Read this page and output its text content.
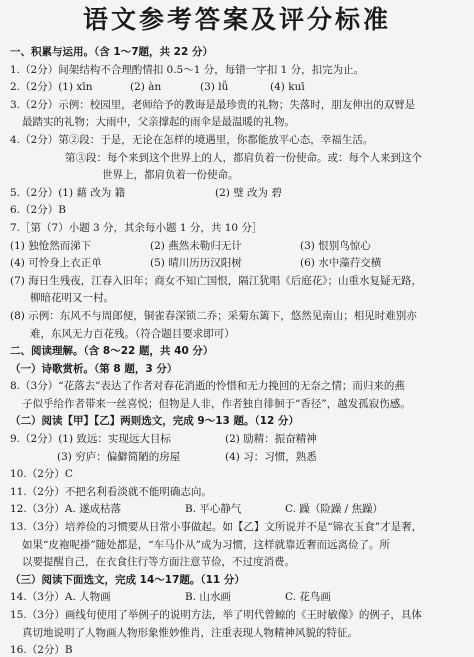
语文参考答案及评分标准
一、积累与运用。（含 1～7题，共 22 分）
1.（2分）间架结构不合理酌情扣 0.5～1 分，每错一字扣 1 分，扣完为止。
2.（2分）(1) xīn	(2) àn	(3) lǚ	(4) kuī
3.（2分）示例：校园里，老师给予的教诲是最珍贵的礼物；失落时，朋友伸出的双臂是
最踏实的礼物；大雨中，父亲撑起的雨伞是最温暖的礼物。
4.（2分）第②段：于是，无论在怎样的境遇里，你都能放平心态，幸福生活。
第③段：每个来到这个世界上的人，都肩负着一份使命。或：每个人来到这个
世界上，都肩负着一份使命。
5.（2分）(1) 藉 改为 籍	(2) 璧 改为 碧
6.（2分）B
7.［第（7）小题 3 分，其余每小题 1 分，共 10 分］
(1) 独怆然而涕下	(2) 燕然未勒归无计	(3) 恨别鸟惊心
(4) 可怜身上衣正单	(5) 晴川历历汉阳树	(6) 水中藻荇交横
(7) 海日生残夜，江春入旧年；商女不知亡国恨，隔江犹唱《后庭花》；山重水复疑无路，
柳暗花明又一村。
(8) 示例：东风不与周郎便，铜雀春深锁二乔；采菊东篱下，悠然见南山；相见时难别亦
难，东风无力百花残。（符合题目要求即可）
二、阅读理解。（含 8～22 题，共 40 分）
（一）诗歌赏析。（第 8 题，3 分）
8.（3分）“花落去”表达了作者对春花消逝的怜惜和无力挽回的无奈之情；而归来的燕
子似乎给作者带来一丝喜悦；但物是人非，作者独自徘徊于“香径”，越发孤寂伤感。
（二）阅读【甲】【乙】两则选文，完成 9～13 题。（12 分）
9.（2分）(1) 致远：实现远大目标	(2) 励精：振奋精神
(3) 穷庐：偏僻简陋的房屋	(4) 习：习惯，熟悉
10.（2分）C
11.（2分）不把名利看淡就不能明确志向。
12.（3分）A. 遂成枯落	B. 平心静气	C. 躁（险躁 / 焦躁）
13.（3分）培养俭的习惯要从日常小事做起。如【乙】文所说并不是“锦衣玉食”才是奢，
如果“皮袍呢褂”随处都是，“车马仆从”成为习惯，这样就靠近奢而远离俭了。所
以要提醒自己，在衣食住行等方面注意节俭，不过度消费。
（三）阅读下面选文，完成 14～17题。（11 分）
14.（3分）A. 人物画	B. 山水画	C. 花鸟画
15.（3分）画线句使用了举例子的说明方法，举了明代曾鲸的《王时敏像》的例子，具体
真切地说明了人物画人物形象惟妙惟肖，注重表现人物精神风貌的特征。
16.（2分）B
